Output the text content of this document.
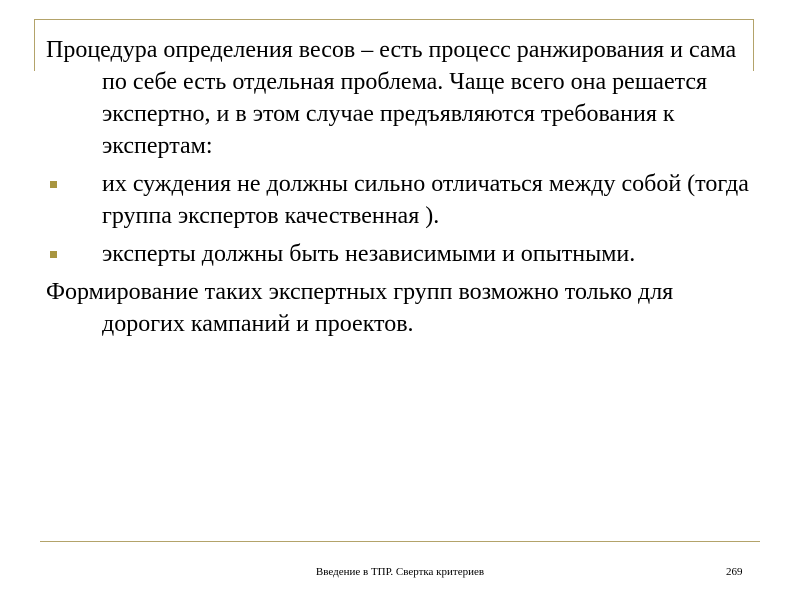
Процедура определения весов – есть процесс ранжирования и сама по себе есть отдельная проблема. Чаще всего она решается экспертно, и в этом случае предъявляются требования к экспертам:

их суждения не должны сильно отличаться между собой (тогда группа экспертов качественная ).
эксперты должны быть независимыми и опытными.

Формирование таких экспертных групп возможно только для дорогих кампаний и проектов.

Введение в ТПР. Свертка критериев	269
